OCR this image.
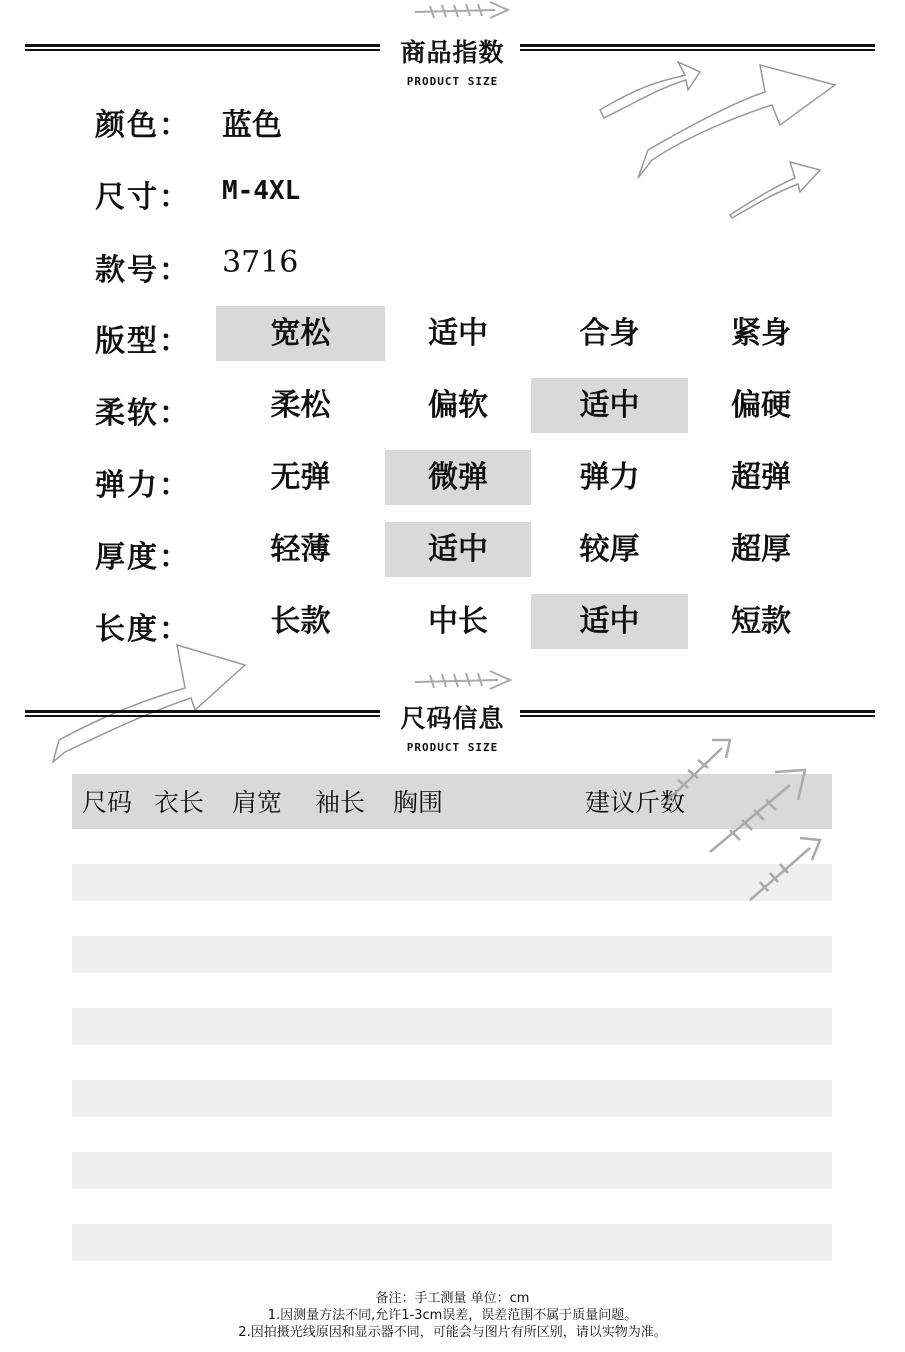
商品指数
PRODUCT SIZE
颜色： 蓝色
尺寸： M-4XL
款号： 3716
版型：	宽松	适中	合身	紧身
柔软：	柔松	偏软	适中	偏硬
弹力：	无弹	微弹	弹力	超弹
厚度：	轻薄	适中	较厚	超厚
长度：	长款	中长	适中	短款
尺码信息
PRODUCT SIZE
尺码 衣长 肩宽 袖长 胸围	建议斤数
备注：手工测量 单位：cm
1.因测量方法不同,允许1-3cm误差，误差范围不属于质量问题。
2.因拍摄光线原因和显示器不同，可能会与图片有所区别，请以实物为准。
